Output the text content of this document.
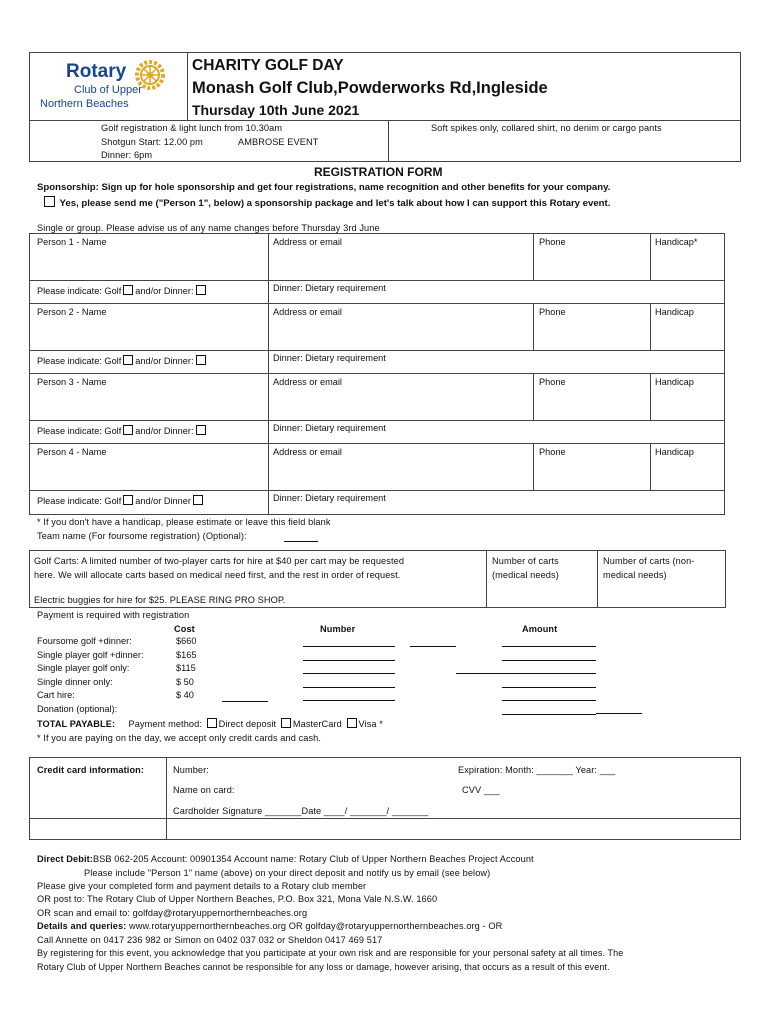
Rotary
Club of Upper
Northern Beaches
CHARITY GOLF DAY
Monash Golf Club,Powderworks Rd,Ingleside
Thursday 10th June 2021
Golf registration & light lunch from 10.30am
Shotgun Start: 12.00 pm	AMBROSE EVENT
Dinner: 6pm
Soft spikes only, collared shirt, no denim or cargo pants
REGISTRATION FORM
Sponsorship: Sign up for hole sponsorship and get four registrations, name recognition and other benefits for your company.
Yes, please send me ("Person 1", below) a sponsorship package and let's talk about how I can support this Rotary event.
Single or group. Please advise us of any name changes before Thursday 3rd June
Person 1 - Name	Address or email	Phone	Handicap*
Please indicate: Golf and/or Dinner:	Dinner: Dietary requirement
Person 2 - Name	Address or email	Phone	Handicap
Please indicate: Golf and/or Dinner:	Dinner: Dietary requirement
Person 3 - Name	Address or email	Phone	Handicap
Please indicate: Golf and/or Dinner:	Dinner: Dietary requirement
Person 4 - Name	Address or email	Phone	Handicap
Please indicate: Golf and/or Dinner	Dinner: Dietary requirement
* If you don't have a handicap, please estimate or leave this field blank
Team name (For foursome registration) (Optional):
Golf Carts: A limited number of two-player carts for hire at $40 per cart may be requested
here. We will allocate carts based on medical need first, and the rest in order of request.
Electric buggies for hire for $25. PLEASE RING PRO SHOP.
Number of carts
(medical needs)
Number of carts (non-
medical needs)
Payment is required with registration
Cost	Number	Amount
Foursome golf +dinner:	$660
Single player golf +dinner:	$165
Single player golf only:	$115
Single dinner only:	$ 50
Cart hire:	$ 40
Donation (optional):
TOTAL PAYABLE: Payment method: Direct deposit MasterCard Visa *
* If you are paying on the day, we accept only credit cards and cash.
Credit card information:	Number:	Expiration: Month: _______ Year: ___
Name on card:	CVV ___
Cardholder Signature _______Date ____/ _______/ _______
Direct Debit:BSB 062-205 Account: 00901354 Account name: Rotary Club of Upper Northern Beaches Project Account
Please include "Person 1" name (above) on your direct deposit and notify us by email (see below)
Please give your completed form and payment details to a Rotary club member
OR post to: The Rotary Club of Upper Northern Beaches, P.O. Box 321, Mona Vale N.S.W. 1660
OR scan and email to: golfday@rotaryuppernorthernbeaches.org
Details and queries: www.rotaryuppernorthernbeaches.org OR golfday@rotaryuppernorthernbeaches.org - OR
Call Annette on 0417 236 982 or Simon on 0402 037 032 or Sheldon 0417 469 517
By registering for this event, you acknowledge that you participate at your own risk and are responsible for your personal safety at all times. The
Rotary Club of Upper Northern Beaches cannot be responsible for any loss or damage, however arising, that occurs as a result of this event.
